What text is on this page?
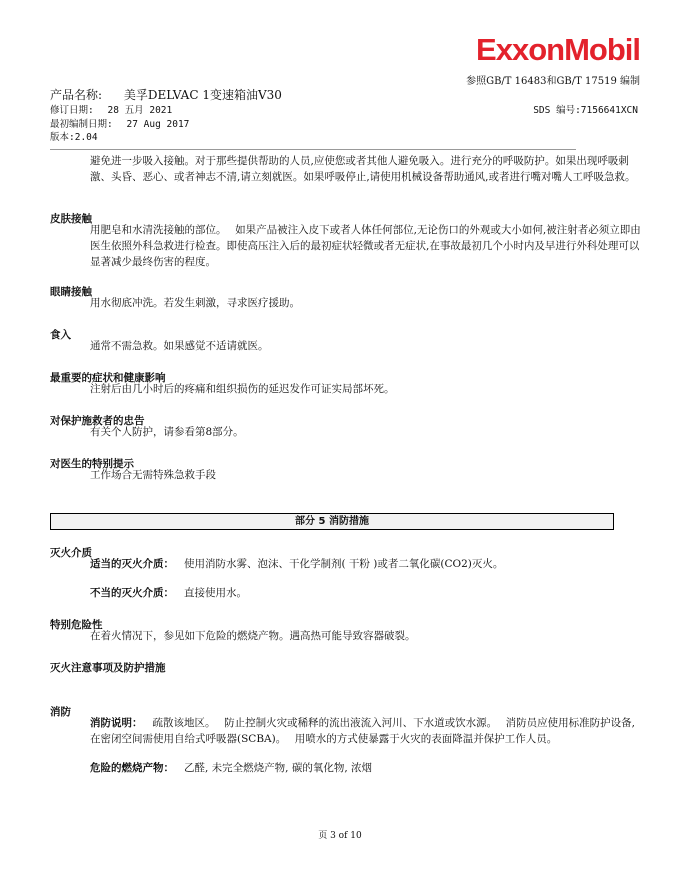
ExxonMobil
参照GB/T 16483和GB/T 17519 编制
产品名称: 美孚DELVAC 1变速箱油V30
修订日期: 28 五月 2021	SDS 编号:7156641XCN
最初编制日期: 27 Aug 2017
版本:2.04
避免进一步吸入接触。对于那些提供帮助的人员,应使您或者其他人避免吸入。进行充分的呼吸防护。如果出现呼吸刺激、头昏、恶心、或者神志不清,请立刻就医。如果呼吸停止,请使用机械设备帮助通风,或者进行嘴对嘴人工呼吸急救。
皮肤接触
用肥皂和水清洗接触的部位。　 如果产品被注入皮下或者人体任何部位,无论伤口的外观或大小如何,被注射者必须立即由医生依照外科急救进行检查。即使高压注入后的最初症状轻微或者无症状,在事故最初几个小时内及早进行外科处理可以显著减少最终伤害的程度。
眼睛接触
用水彻底冲洗。若发生刺激，寻求医疗援助。
食入
通常不需急救。如果感觉不适请就医。
最重要的症状和健康影响
注射后由几小时后的疼痛和组织损伤的延迟发作可证实局部坏死。
对保护施救者的忠告
有关个人防护，请参看第8部分。
对医生的特别提示
工作场合无需特殊急救手段
部分 5 消防措施
灭火介质
适当的灭火介质： 使用消防水雾、泡沫、干化学制剂( 干粉 )或者二氧化碳(CO2)灭火。
不当的灭火介质： 直接使用水。
特别危险性
在着火情况下，参见如下危险的燃烧产物。遇高热可能导致容器破裂。
灭火注意事项及防护措施
消防
消防说明： 疏散该地区。　 防止控制火灾或稀释的流出液流入河川、下水道或饮水源。　 消防员应使用标准防护设备,在密闭空间需使用自给式呼吸器(SCBA)。　 用喷水的方式使暴露于火灾的表面降温并保护工作人员。
危险的燃烧产物： 乙醛, 未完全燃烧产物, 碳的氧化物, 浓烟
页 3 of 10
